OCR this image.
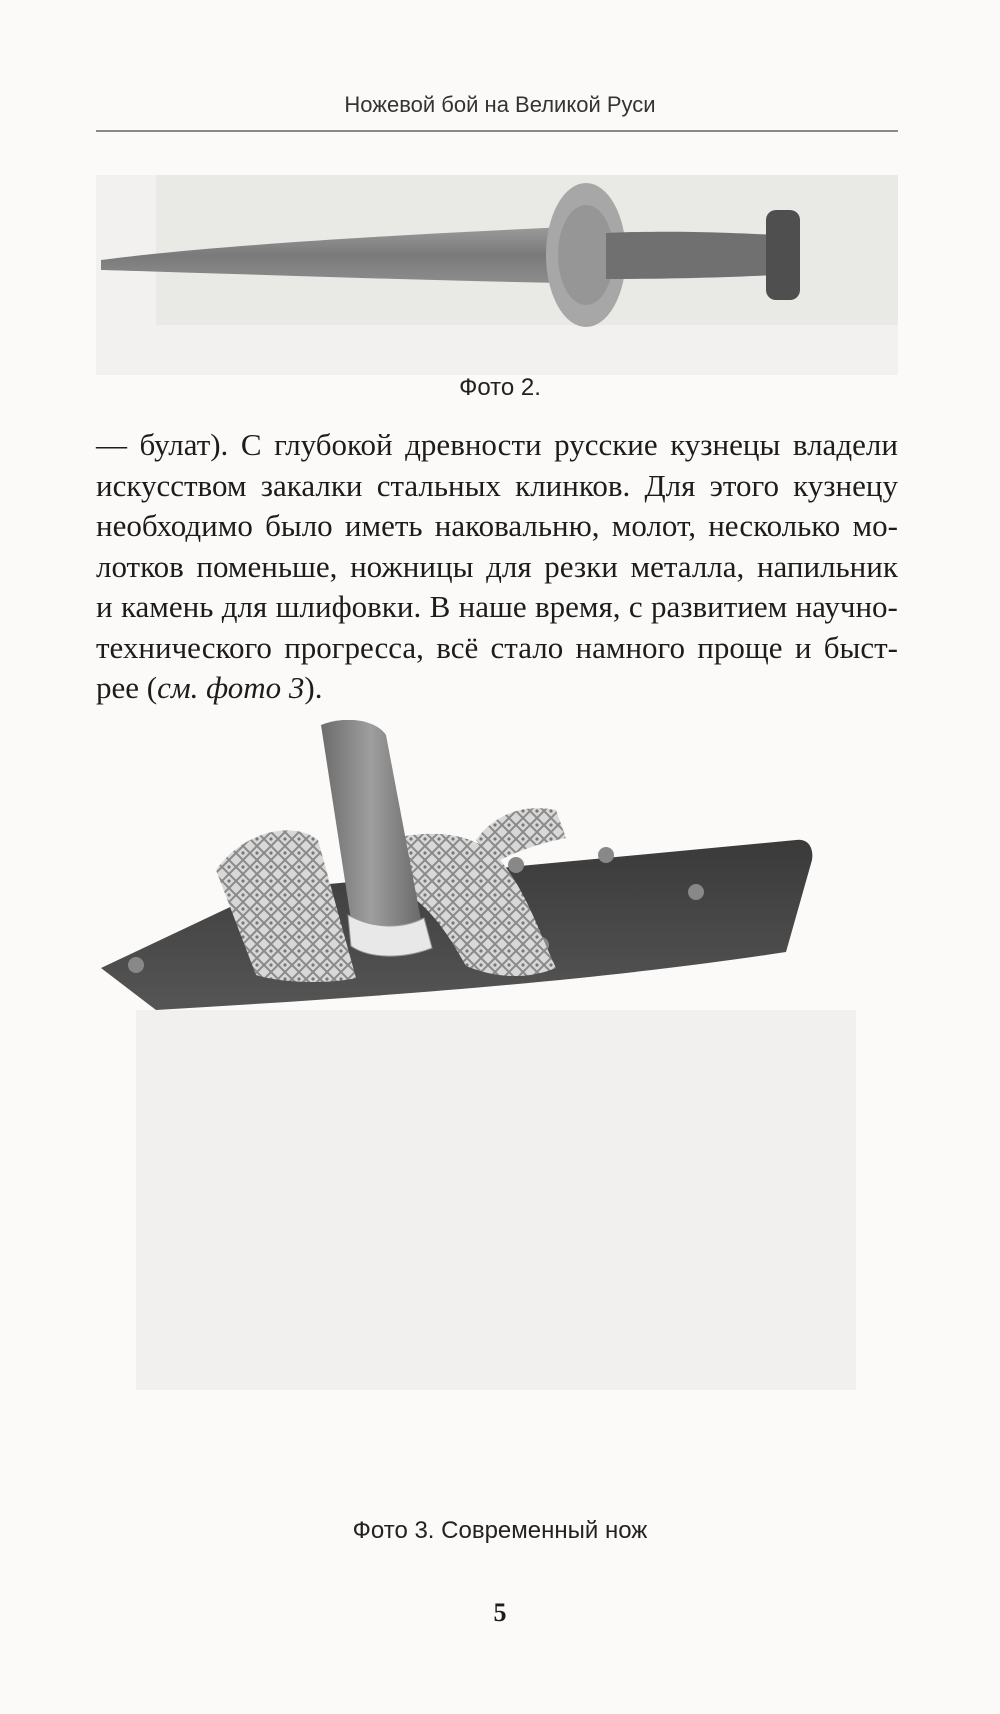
Ножевой бой на Великой Руси
Фото 2.
— булат). С глубокой древности русские кузнецы владели
искусством закалки стальных клинков. Для этого кузнецу
необходимо было иметь наковальню, молот, несколько мо-
лотков поменьше, ножницы для резки металла, напильник
и камень для шлифовки. В наше время, с развитием научно-
технического прогресса, всё стало намного проще и быст-
рее ( см. фото 3 ).
Фото 3. Современный нож
5
